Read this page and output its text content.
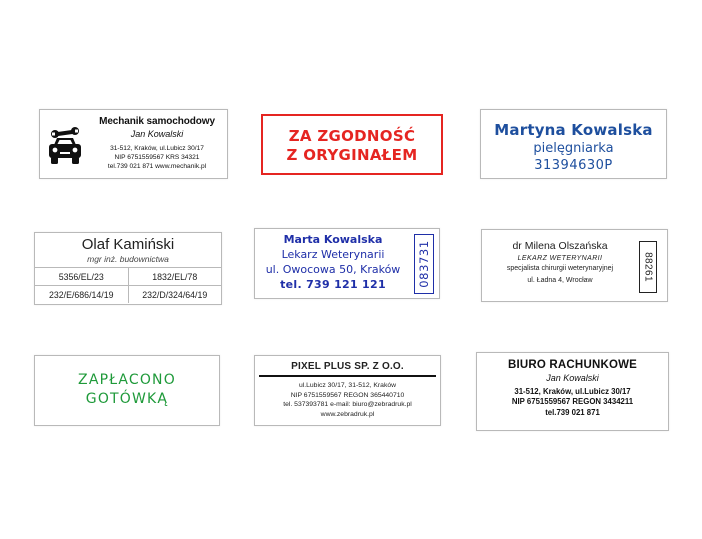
Mechanik samochodowy
Jan Kowalski
31-512, Kraków, ul.Lubicz 30/17
NIP 6751559567 KRS 34321
tel.739 021 871 www.mechanik.pl
ZA ZGODNOŚĆ
Z ORYGINAŁEM
Martyna Kowalska
pielęgniarka
31394630P
Olaf Kamiński
mgr inż. budownictwa
5356/EL/23	1832/EL/78
232/E/686/14/19	232/D/324/64/19
Marta Kowalska
Lekarz Weterynarii
ul. Owocowa 50, Kraków
tel. 739 121 121	083731	dr Milena Olszańska
LEKARZ WETERYNARII
specjalista chirurgii weterynaryjnej
ul. Ładna 4, Wrocław	88261
ZAPŁACONO
GOTÓWKĄ
PIXEL PLUS SP. Z O.O.
ul.Lubicz 30/17, 31-512, Kraków
NIP 6751559567 REGON 365440710
tel. 537393781 e-mail: biuro@zebradruk.pl
www.zebradruk.pl
BIURO RACHUNKOWE
Jan Kowalski
31-512, Kraków, ul.Lubicz 30/17
NIP 6751559567 REGON 3434211
tel.739 021 871
